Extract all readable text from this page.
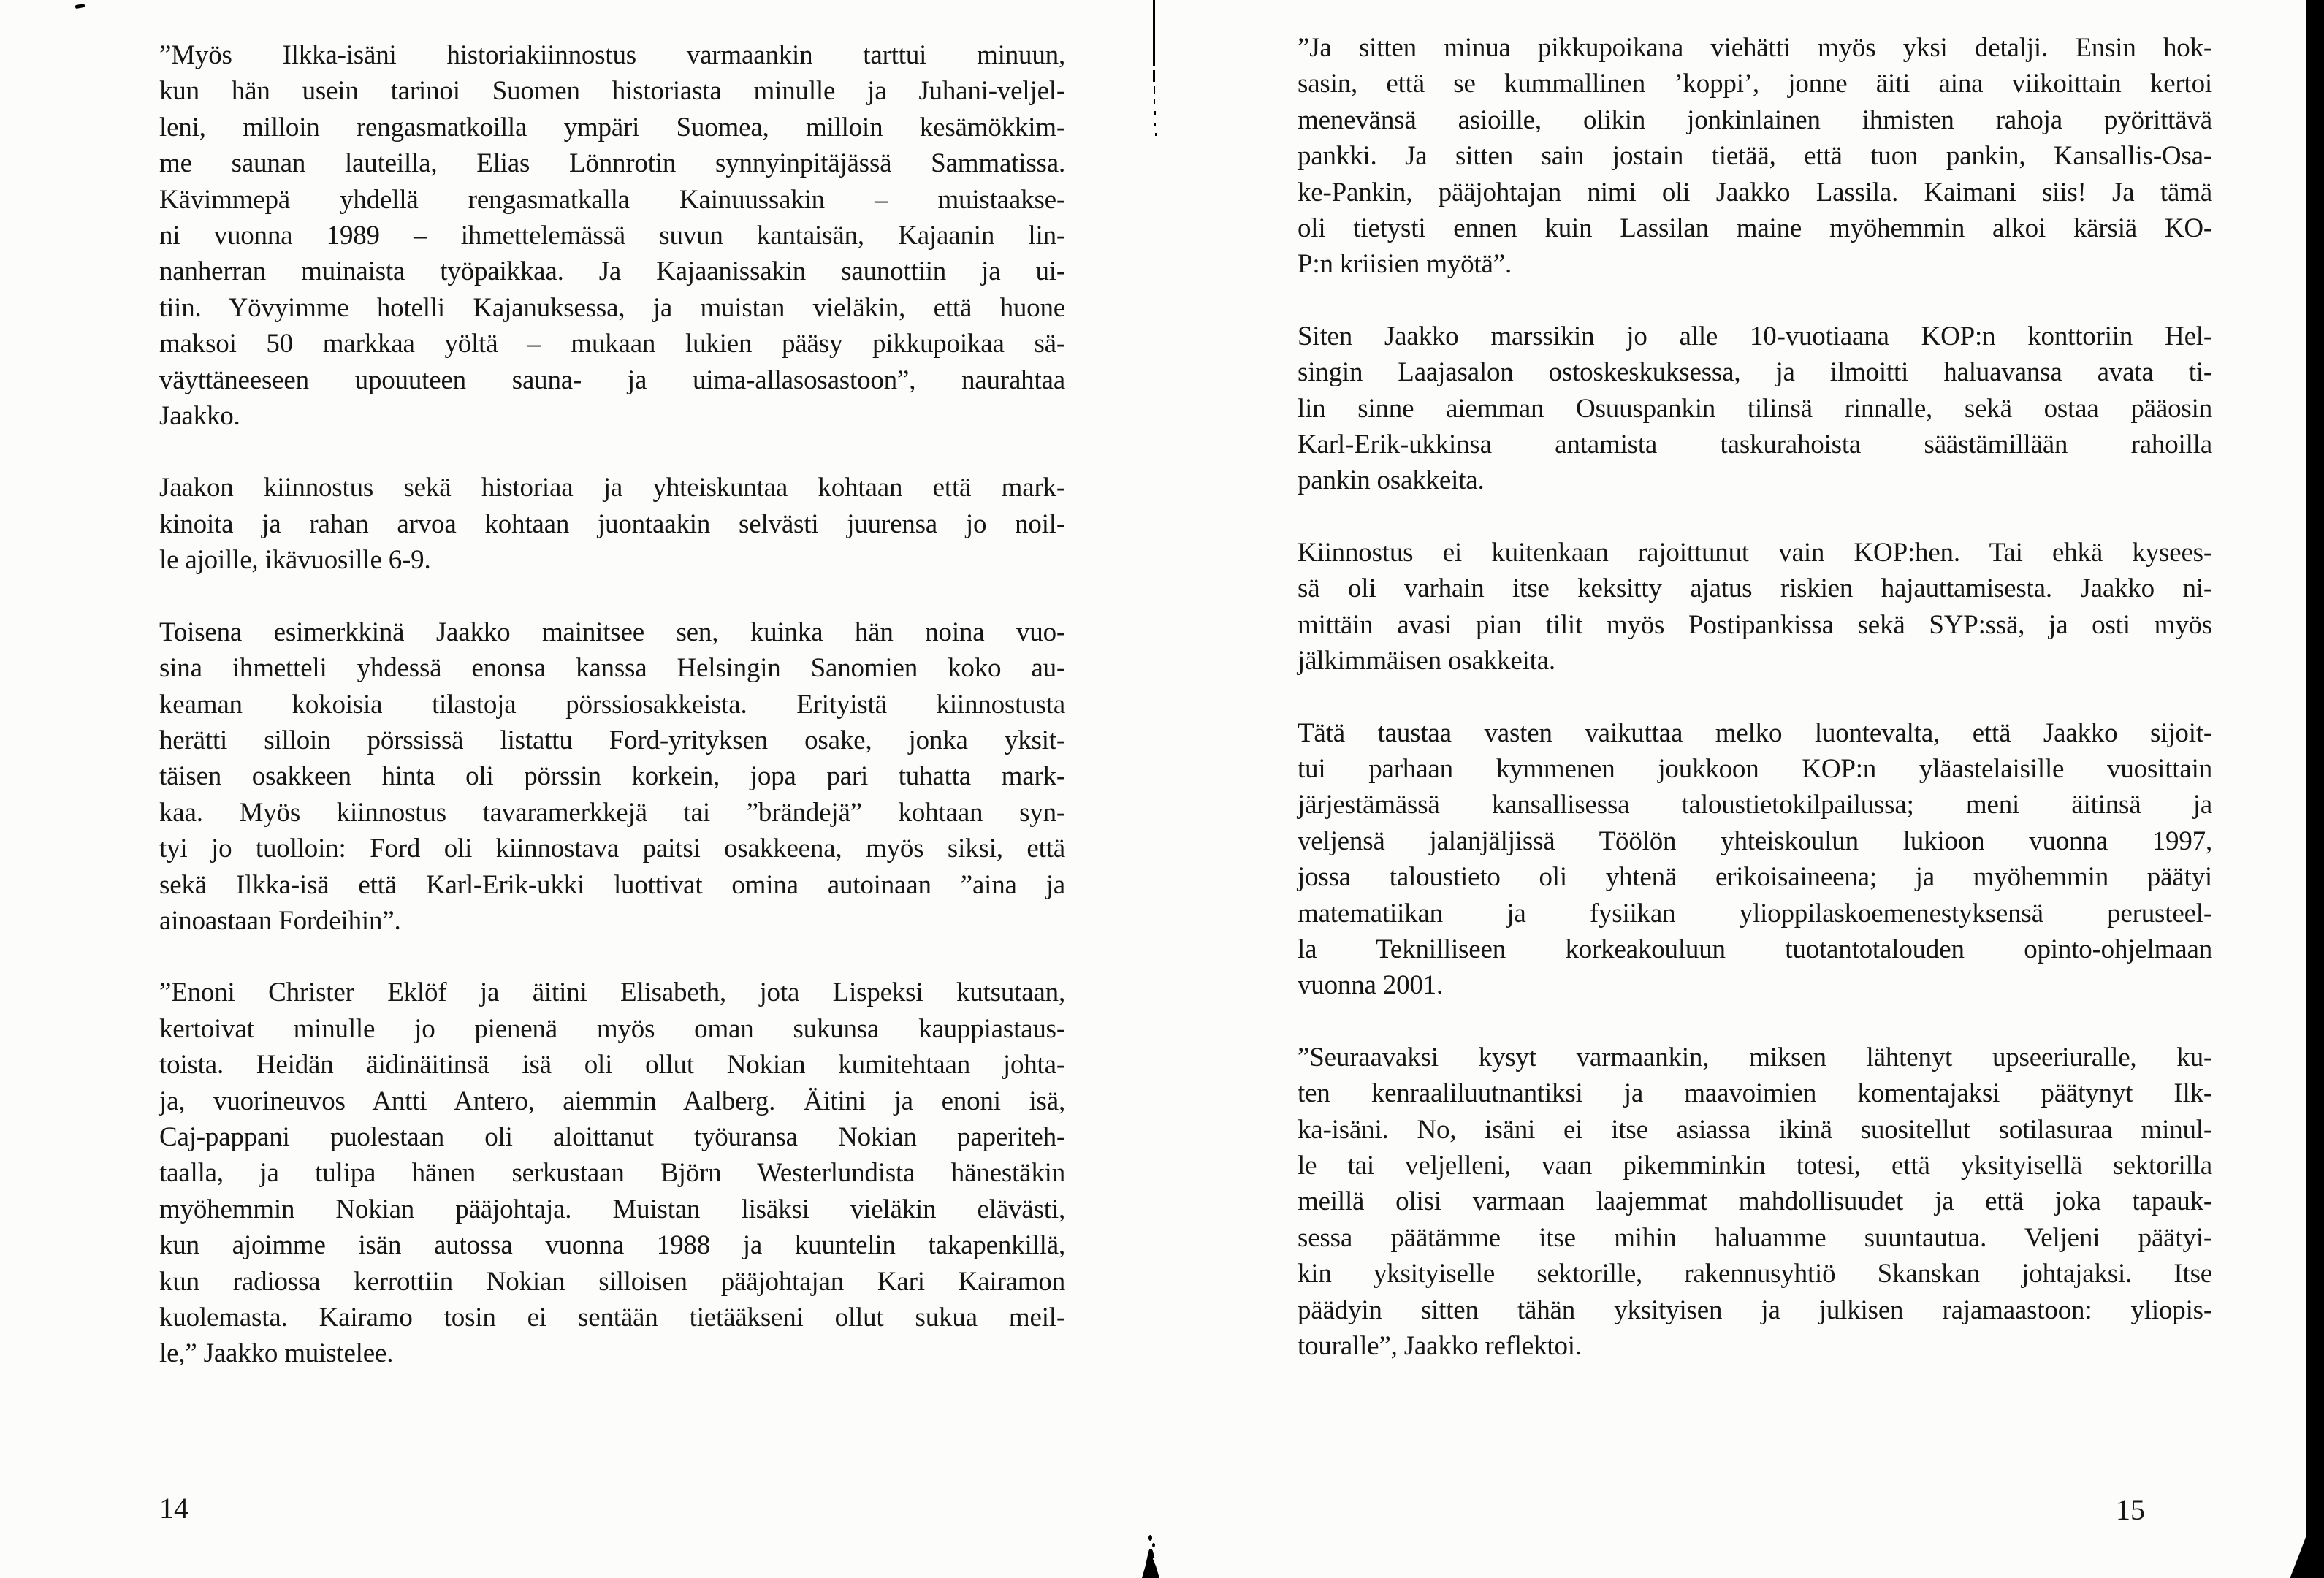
”Myös Ilkka-isäni historiakiinnostus varmaankin tarttui minuun,
kun hän usein tarinoi Suomen historiasta minulle ja Juhani-veljel-
leni, milloin rengasmatkoilla ympäri Suomea, milloin kesämökkim-
me saunan lauteilla, Elias Lönnrotin synnyinpitäjässä Sammatissa.
Kävimmepä yhdellä rengasmatkalla Kainuussakin – muistaakse-
ni vuonna 1989 – ihmettelemässä suvun kantaisän, Kajaanin lin-
nanherran muinaista työpaikkaa. Ja Kajaanissakin saunottiin ja ui-
tiin. Yövyimme hotelli Kajanuksessa, ja muistan vieläkin, että huone
maksoi 50 markkaa yöltä – mukaan lukien pääsy pikkupoikaa sä-
väyttäneeseen upouuteen sauna- ja uima-allasosastoon”, naurahtaa
Jaakko.
Jaakon kiinnostus sekä historiaa ja yhteiskuntaa kohtaan että mark-
kinoita ja rahan arvoa kohtaan juontaakin selvästi juurensa jo noil-
le ajoille, ikävuosille 6-9.
Toisena esimerkkinä Jaakko mainitsee sen, kuinka hän noina vuo-
sina ihmetteli yhdessä enonsa kanssa Helsingin Sanomien koko au-
keaman kokoisia tilastoja pörssiosakkeista. Erityistä kiinnostusta
herätti silloin pörssissä listattu Ford-yrityksen osake, jonka yksit-
täisen osakkeen hinta oli pörssin korkein, jopa pari tuhatta mark-
kaa. Myös kiinnostus tavaramerkkejä tai ”brändejä” kohtaan syn-
tyi jo tuolloin: Ford oli kiinnostava paitsi osakkeena, myös siksi, että
sekä Ilkka-isä että Karl-Erik-ukki luottivat omina autoinaan ”aina ja
ainoastaan Fordeihin”.
”Enoni Christer Eklöf ja äitini Elisabeth, jota Lispeksi kutsutaan,
kertoivat minulle jo pienenä myös oman sukunsa kauppiastaus-
toista. Heidän äidinäitinsä isä oli ollut Nokian kumitehtaan johta-
ja, vuorineuvos Antti Antero, aiemmin Aalberg. Äitini ja enoni isä,
Caj-pappani puolestaan oli aloittanut työuransa Nokian paperiteh-
taalla, ja tulipa hänen serkustaan Björn Westerlundista hänestäkin
myöhemmin Nokian pääjohtaja. Muistan lisäksi vieläkin elävästi,
kun ajoimme isän autossa vuonna 1988 ja kuuntelin takapenkillä,
kun radiossa kerrottiin Nokian silloisen pääjohtajan Kari Kairamon
kuolemasta. Kairamo tosin ei sentään tietääkseni ollut sukua meil-
le,” Jaakko muistelee.
14
”Ja sitten minua pikkupoikana viehätti myös yksi detalji. Ensin hok-
sasin, että se kummallinen ’koppi’, jonne äiti aina viikoittain kertoi
menevänsä asioille, olikin jonkinlainen ihmisten rahoja pyörittävä
pankki. Ja sitten sain jostain tietää, että tuon pankin, Kansallis-Osa-
ke-Pankin, pääjohtajan nimi oli Jaakko Lassila. Kaimani siis! Ja tämä
oli tietysti ennen kuin Lassilan maine myöhemmin alkoi kärsiä KO-
P:n kriisien myötä”.
Siten Jaakko marssikin jo alle 10-vuotiaana KOP:n konttoriin Hel-
singin Laajasalon ostoskeskuksessa, ja ilmoitti haluavansa avata ti-
lin sinne aiemman Osuuspankin tilinsä rinnalle, sekä ostaa pääosin
Karl-Erik-ukkinsa antamista taskurahoista säästämillään rahoilla
pankin osakkeita.
Kiinnostus ei kuitenkaan rajoittunut vain KOP:hen. Tai ehkä kysees-
sä oli varhain itse keksitty ajatus riskien hajauttamisesta. Jaakko ni-
mittäin avasi pian tilit myös Postipankissa sekä SYP:ssä, ja osti myös
jälkimmäisen osakkeita.
Tätä taustaa vasten vaikuttaa melko luontevalta, että Jaakko sijoit-
tui parhaan kymmenen joukkoon KOP:n yläastelaisille vuosittain
järjestämässä kansallisessa taloustietokilpailussa; meni äitinsä ja
veljensä jalanjäljissä Töölön yhteiskoulun lukioon vuonna 1997,
jossa taloustieto oli yhtenä erikoisaineena; ja myöhemmin päätyi
matematiikan ja fysiikan ylioppilaskoemenestyksensä perusteel-
la Teknilliseen korkeakouluun tuotantotalouden opinto-ohjelmaan
vuonna 2001.
”Seuraavaksi kysyt varmaankin, miksen lähtenyt upseeriuralle, ku-
ten kenraaliluutnantiksi ja maavoimien komentajaksi päätynyt Ilk-
ka-isäni. No, isäni ei itse asiassa ikinä suositellut sotilasuraa minul-
le tai veljelleni, vaan pikemminkin totesi, että yksityisellä sektorilla
meillä olisi varmaan laajemmat mahdollisuudet ja että joka tapauk-
sessa päätämme itse mihin haluamme suuntautua. Veljeni päätyi-
kin yksityiselle sektorille, rakennusyhtiö Skanskan johtajaksi. Itse
päädyin sitten tähän yksityisen ja julkisen rajamaastoon: yliopis-
touralle”, Jaakko reflektoi.
15
